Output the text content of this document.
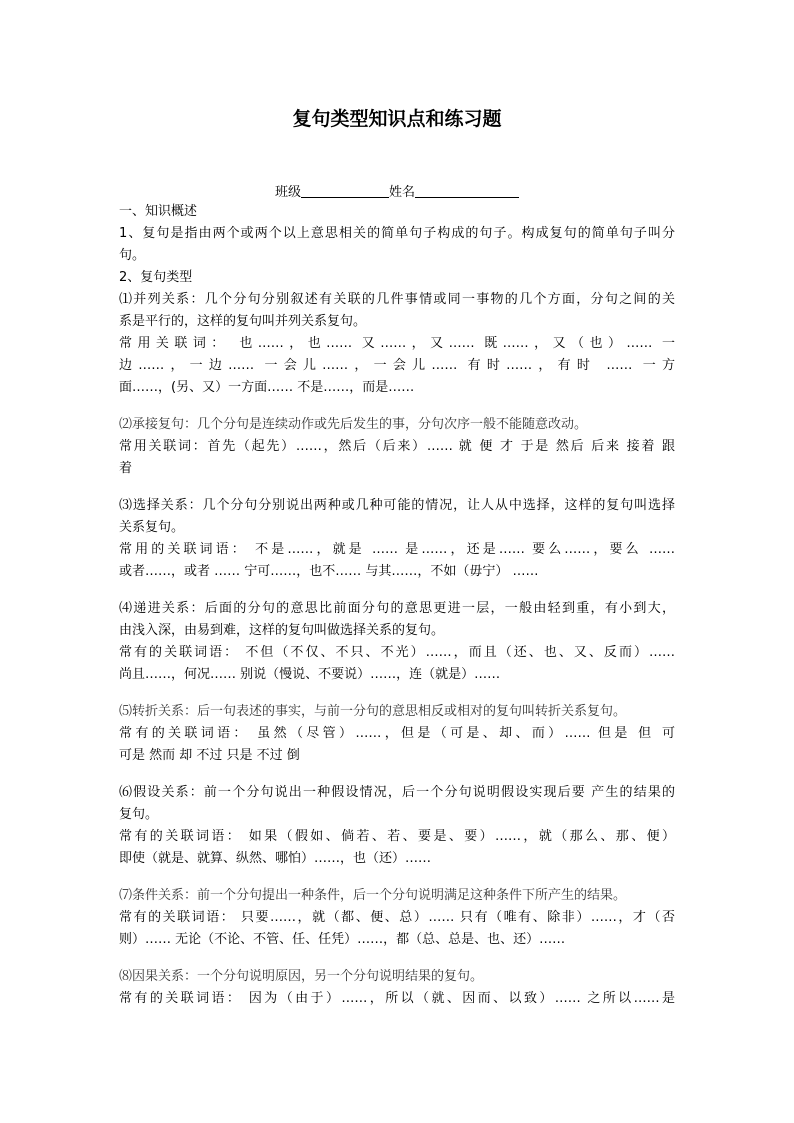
复句类型知识点和练习题
班级	姓名

一、知识概述

1、复句是指由两个或两个以上意思相关的简单句子构成的句子。构成复句的简单句子叫分

句。

2、复句类型

⑴并列关系：几个分句分别叙述有关联的几件事情或同一事物的几个方面，分句之间的关

系是平行的，这样的复句叫并列关系复句。

常用关联词： 也……，也…… 又……，又…… 既……，又（也）…… 一

边……，一边…… 一会儿……，一会儿…… 有时……，有时 …… 一方

面……，(另、又）一方面…… 不是……，而是……

⑵承接复句：几个分句是连续动作或先后发生的事，分句次序一般不能随意改动。

常用关联词：首先（起先）……，然后（后来）…… 就 便 才 于是 然后 后来 接着 跟

着

⑶选择关系：几个分句分别说出两种或几种可能的情况，让人从中选择，这样的复句叫选择

关系复句。

常用的关联词语： 不是……，就是 …… 是……，还是…… 要么……，要么 ……

或者……，或者 …… 宁可……，也不…… 与其……，不如（毋宁） ……

⑷递进关系：后面的分句的意思比前面分句的意思更进一层，一般由轻到重，有小到大，

由浅入深，由易到难，这样的复句叫做选择关系的复句。

常有的关联词语： 不但（不仅、不只、不光）……，而且（还、也、又、反而）……

尚且……，何况…… 别说（慢说、不要说）……，连（就是）……

⑸转折关系：后一句表述的事实，与前一分句的意思相反或相对的复句叫转折关系复句。

常有的关联词语： 虽然（尽管）……，但是（可是、却、而）…… 但是 但 可

可是 然而 却 不过 只是 不过 倒

⑹假设关系：前一个分句说出一种假设情况，后一个分句说明假设实现后要 产生的结果的

复句。

常有的关联词语： 如果（假如、倘若、若、要是、要）……，就（那么、那、便）

即使（就是、就算、纵然、哪怕）……，也（还）……

⑺条件关系：前一个分句提出一种条件，后一个分句说明满足这种条件下所产生的结果。

常有的关联词语： 只要……，就（都、便、总）…… 只有（唯有、除非）……，才（否

则）…… 无论（不论、不管、任、任凭）……，都（总、总是、也、还）……

⑻因果关系：一个分句说明原因，另一个分句说明结果的复句。

常有的关联词语： 因为（由于）……，所以（就、因而、以致）…… 之所以……是
